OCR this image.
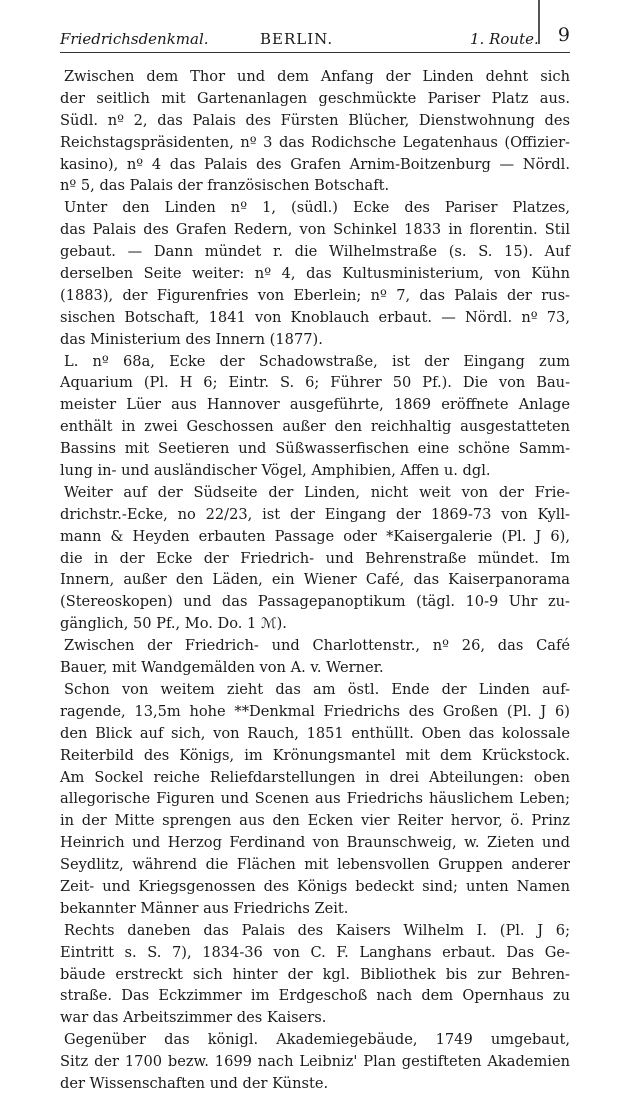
Friedrichsdenkmal.	BERLIN.	1. Route. 9
Zwischen dem Thor und dem Anfang der Linden dehnt sich
der seitlich mit Gartenanlagen geschmückte Pariser Platz aus.
Südl. nº 2, das Palais des Fürsten Blücher, Dienstwohnung des
Reichstagspräsidenten, nº 3 das Rodichsche Legatenhaus (Offizier-
kasino), nº 4 das Palais des Grafen Arnim-Boitzenburg — Nördl.
nº 5, das Palais der französischen Botschaft.
Unter den Linden nº 1, (südl.) Ecke des Pariser Platzes,
das Palais des Grafen Redern, von Schinkel 1833 in florentin. Stil
gebaut. — Dann mündet r. die Wilhelmstraße (s. S. 15). Auf
derselben Seite weiter: nº 4, das Kultusministerium, von Kühn
(1883), der Figurenfries von Eberlein; nº 7, das Palais der rus-
sischen Botschaft, 1841 von Knoblauch erbaut. — Nördl. nº 73,
das Ministerium des Innern (1877).
L. nº 68a, Ecke der Schadowstraße, ist der Eingang zum
Aquarium (Pl. H 6; Eintr. S. 6; Führer 50 Pf.). Die von Bau-
meister Lüer aus Hannover ausgeführte, 1869 eröffnete Anlage
enthält in zwei Geschossen außer den reichhaltig ausgestatteten
Bassins mit Seetieren und Süßwasserfischen eine schöne Samm-
lung in- und ausländischer Vögel, Amphibien, Affen u. dgl.
Weiter auf der Südseite der Linden, nicht weit von der Frie-
drichstr.-Ecke, no 22/23, ist der Eingang der 1869-73 von Kyll-
mann & Heyden erbauten Passage oder *Kaisergalerie (Pl. J 6),
die in der Ecke der Friedrich- und Behrenstraße mündet. Im
Innern, außer den Läden, ein Wiener Café, das Kaiserpanorama
(Stereoskopen) und das Passagepanoptikum (tägl. 10-9 Uhr zu-
gänglich, 50 Pf., Mo. Do. 1 ℳ).
Zwischen der Friedrich- und Charlottenstr., nº 26, das Café
Bauer, mit Wandgemälden von A. v. Werner.
Schon von weitem zieht das am östl. Ende der Linden auf-
ragende, 13,5m hohe **Denkmal Friedrichs des Großen (Pl. J 6)
den Blick auf sich, von Rauch, 1851 enthüllt. Oben das kolossale
Reiterbild des Königs, im Krönungsmantel mit dem Krückstock.
Am Sockel reiche Reliefdarstellungen in drei Abteilungen: oben
allegorische Figuren und Scenen aus Friedrichs häuslichem Leben;
in der Mitte sprengen aus den Ecken vier Reiter hervor, ö. Prinz
Heinrich und Herzog Ferdinand von Braunschweig, w. Zieten und
Seydlitz, während die Flächen mit lebensvollen Gruppen anderer
Zeit- und Kriegsgenossen des Königs bedeckt sind; unten Namen
bekannter Männer aus Friedrichs Zeit.
Rechts daneben das Palais des Kaisers Wilhelm I. (Pl. J 6;
Eintritt s. S. 7), 1834-36 von C. F. Langhans erbaut. Das Ge-
bäude erstreckt sich hinter der kgl. Bibliothek bis zur Behren-
straße. Das Eckzimmer im Erdgeschoß nach dem Opernhaus zu
war das Arbeitszimmer des Kaisers.
Gegenüber das königl. Akademiegebäude, 1749 umgebaut,
Sitz der 1700 bezw. 1699 nach Leibniz' Plan gestifteten Akademien
der Wissenschaften und der Künste.
